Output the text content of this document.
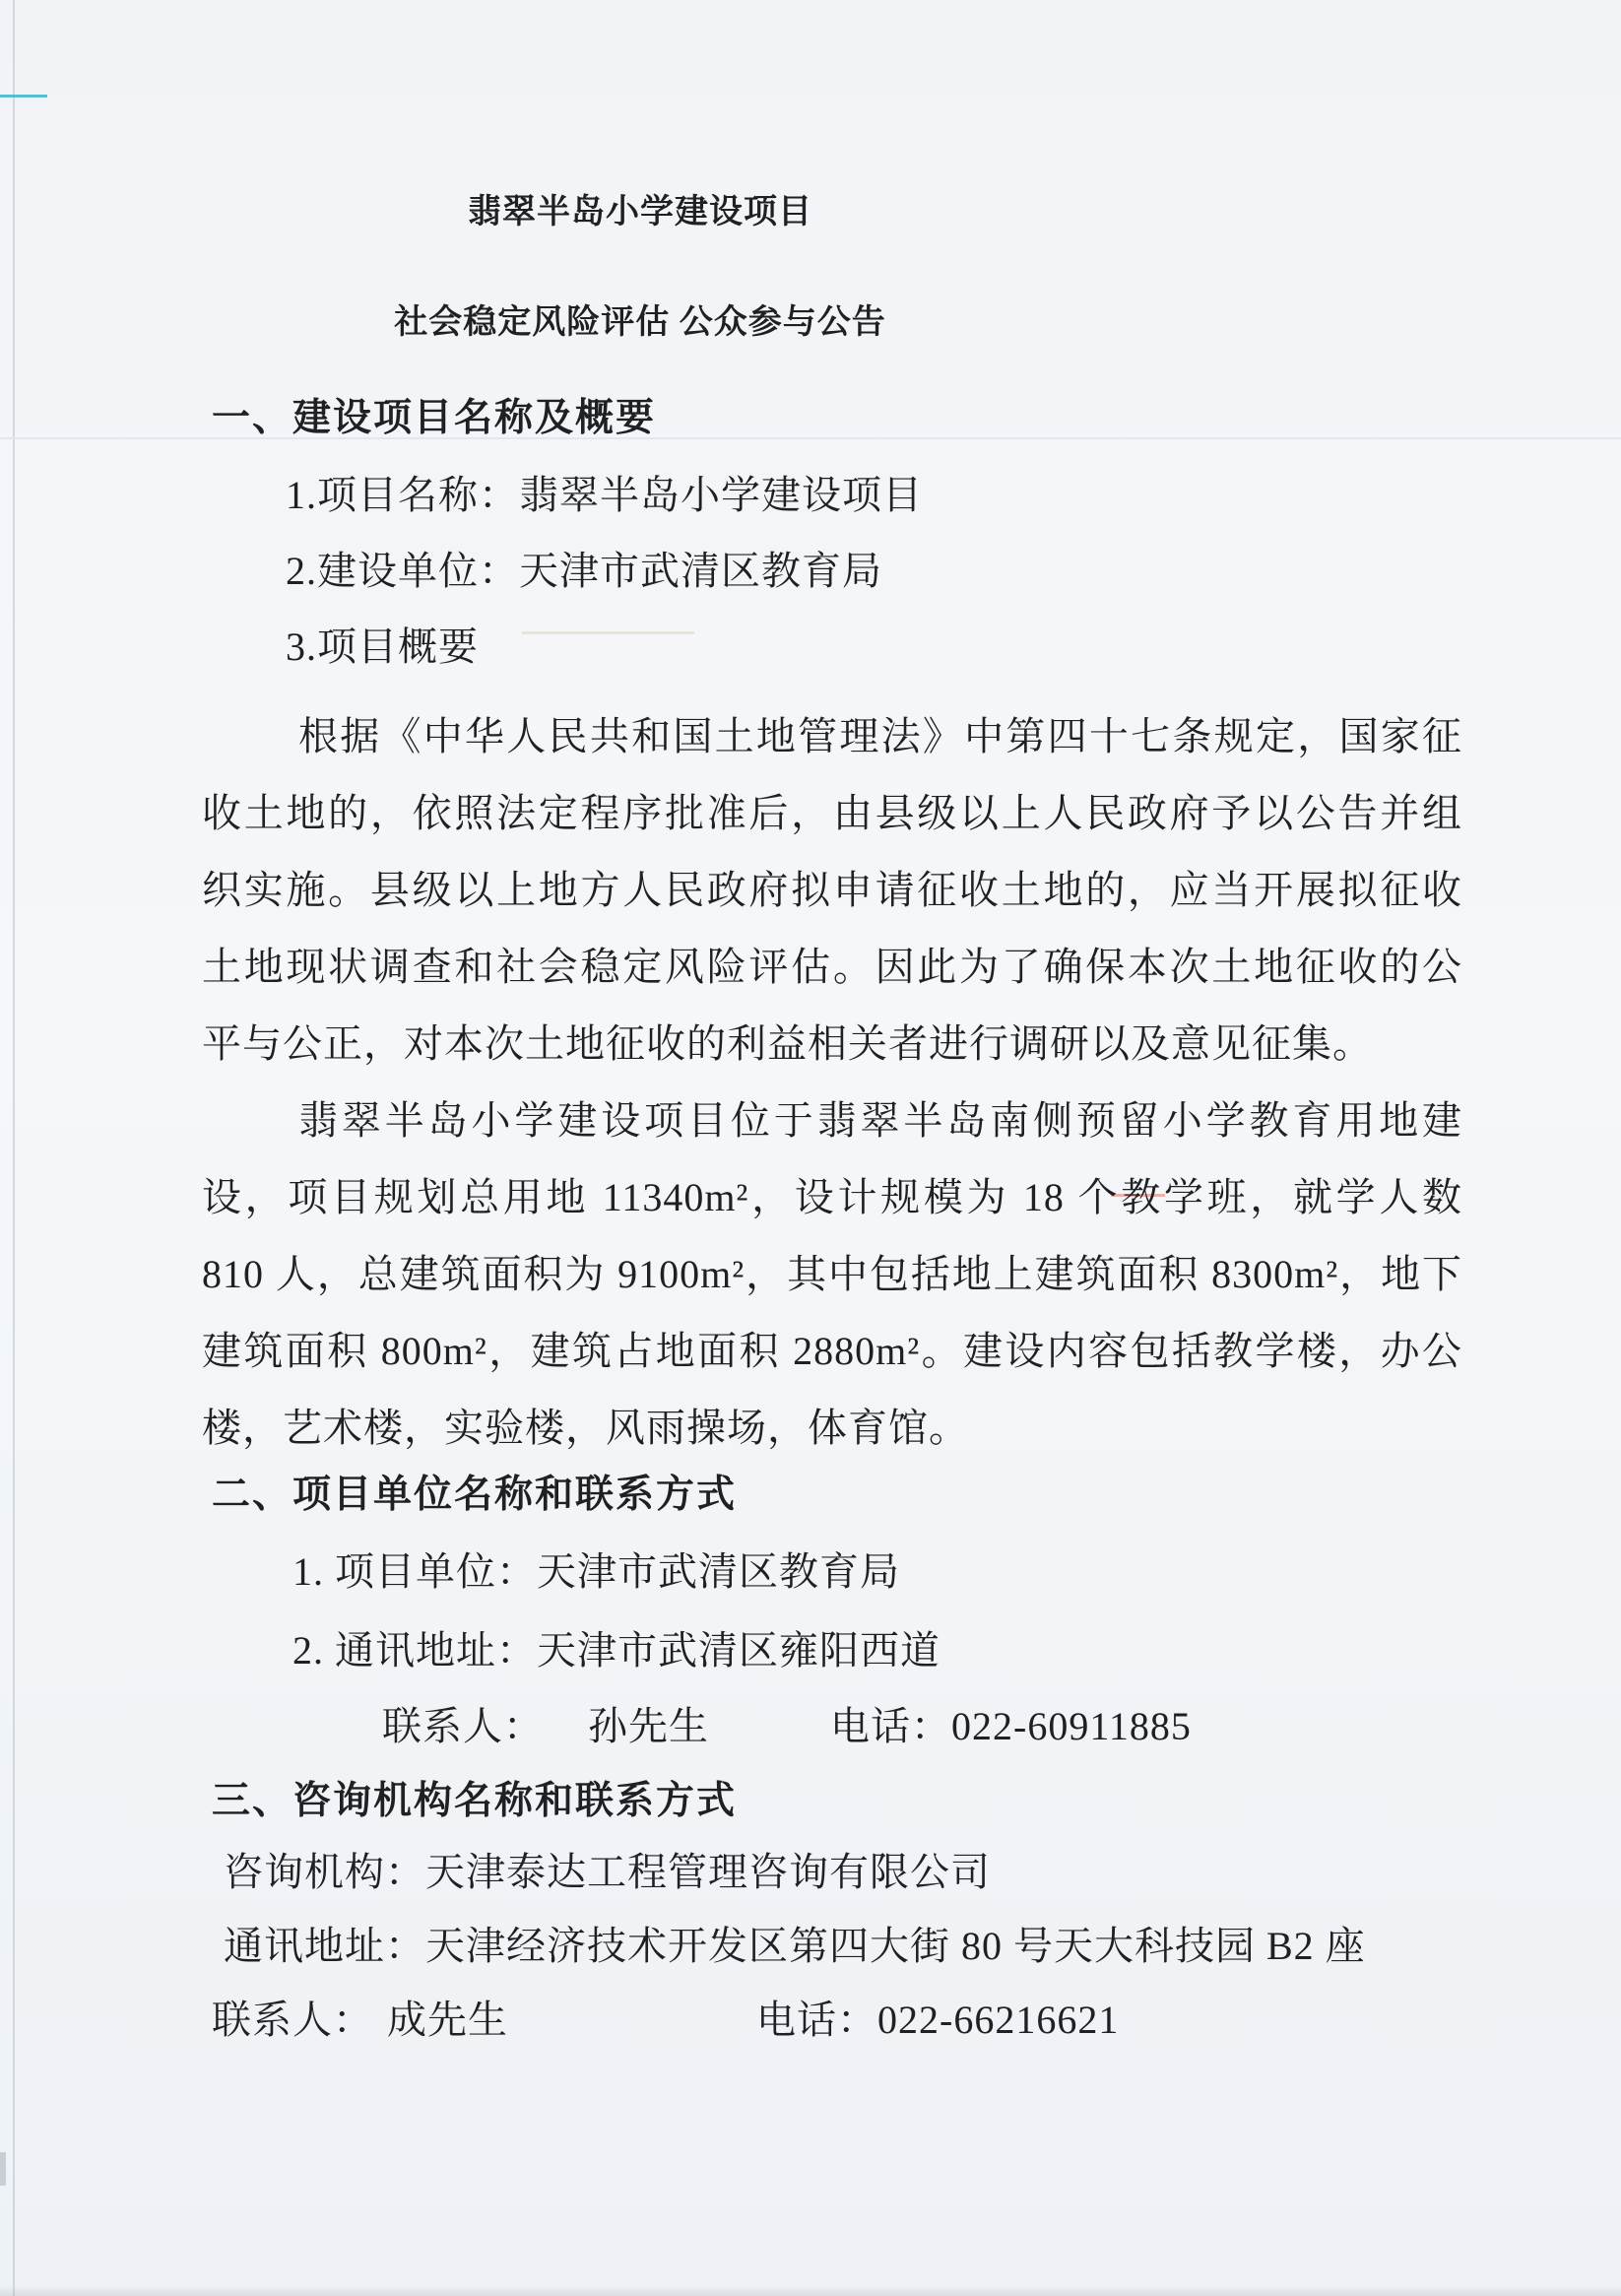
翡翠半岛小学建设项目
社会稳定风险评估 公众参与公告
一、建设项目名称及概要
1.项目名称：翡翠半岛小学建设项目
2.建设单位：天津市武清区教育局
3.项目概要
根据《中华人民共和国土地管理法》中第四十七条规定，国家征
收土地的，依照法定程序批准后，由县级以上人民政府予以公告并组
织实施。县级以上地方人民政府拟申请征收土地的，应当开展拟征收
土地现状调查和社会稳定风险评估。因此为了确保本次土地征收的公
平与公正，对本次土地征收的利益相关者进行调研以及意见征集。
翡翠半岛小学建设项目位于翡翠半岛南侧预留小学教育用地建
设，项目规划总用地 11340m²，设计规模为 18 个教学班，就学人数
810 人，总建筑面积为 9100m²，其中包括地上建筑面积 8300m²，地下
建筑面积 800m²，建筑占地面积 2880m²。建设内容包括教学楼，办公
楼，艺术楼，实验楼，风雨操场，体育馆。
二、项目单位名称和联系方式
1. 项目单位：天津市武清区教育局
2. 通讯地址：天津市武清区雍阳西道
联系人： 孙先生	电话：022-60911885
三、咨询机构名称和联系方式
咨询机构：天津泰达工程管理咨询有限公司
通讯地址：天津经济技术开发区第四大街 80 号天大科技园 B2 座
联系人： 成先生	电话：022-66216621
